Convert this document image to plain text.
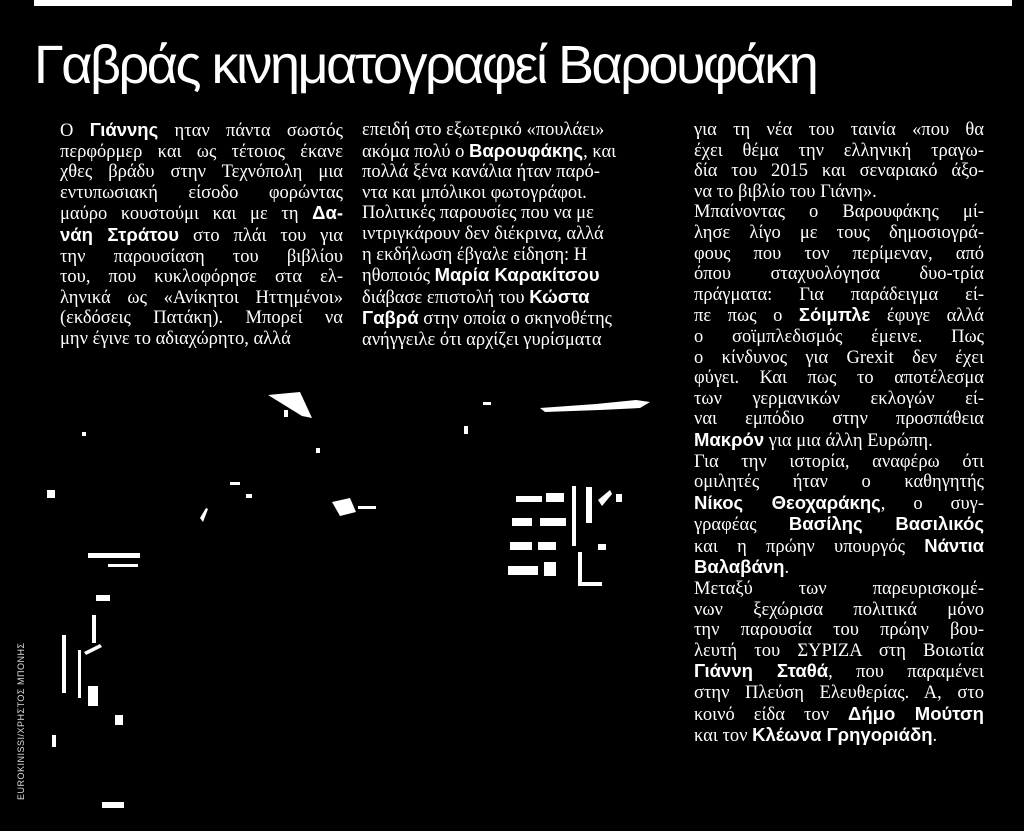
Γαβράς κινηματογραφεί Βαρουφάκη
Ο Γιάννης ηταν πάντα σωστός
περφόρμερ και ως τέτοιος έκανε
χθες βράδυ στην Τεχνόπολη μια
εντυπωσιακή είσοδο φορώντας
μαύρο κουστούμι και με τη Δα-
νάη Στράτου στο πλάι του για
την παρουσίαση του βιβλίου
του, που κυκλοφόρησε στα ελ-
ληνικά ως «Ανίκητοι Ηττημένοι»
(εκδόσεις Πατάκη). Μπορεί να
μην έγινε το αδιαχώρητο, αλλά
επειδή στο εξωτερικό «πουλάει»
ακόμα πολύ ο Βαρουφάκης, και
πολλά ξένα κανάλια ήταν παρό-
ντα και μπόλικοι φωτογράφοι.
Πολιτικές παρουσίες που να με
ιντριγκάρουν δεν διέκρινα, αλλά
η εκδήλωση έβγαλε είδηση: Η
ηθοποιός Μαρία Καρακίτσου
διάβασε επιστολή του Κώστα
Γαβρά στην οποία ο σκηνοθέτης
ανήγγειλε ότι αρχίζει γυρίσματα
για τη νέα του ταινία «που θα
έχει θέμα την ελληνική τραγω-
δία του 2015 και σεναριακό άξο-
να το βιβλίο του Γιάνη».
Μπαίνοντας ο Βαρουφάκης μί-
λησε λίγο με τους δημοσιογρά-
φους που τον περίμεναν, από
όπου σταχυολόγησα δυο-τρία
πράγματα: Για παράδειγμα εί-
πε πως ο Σόιμπλε έφυγε αλλά
ο σοϊμπλεδισμός έμεινε. Πως
ο κίνδυνος για Grexit δεν έχει
φύγει. Και πως το αποτέλεσμα
των γερμανικών εκλογών εί-
ναι εμπόδιο στην προσπάθεια
Μακρόν για μια άλλη Ευρώπη.
Για την ιστορία, αναφέρω ότι
ομιλητές ήταν ο καθηγητής
Νίκος Θεοχαράκης, ο συγ-
γραφέας Βασίλης Βασιλικός
και η πρώην υπουργός Νάντια
Βαλαβάνη.
Μεταξύ των παρευρισκομέ-
νων ξεχώρισα πολιτικά μόνο
την παρουσία του πρώην βου-
λευτή του ΣΥΡΙΖΑ στη Βοιωτία
Γιάννη Σταθά, που παραμένει
στην Πλεύση Ελευθερίας. Α, στο
κοινό είδα τον Δήμο Μούτση
και τον Κλέωνα Γρηγοριάδη.
EUROKINISSI/ΧΡΗΣΤΟΣ ΜΠΟΝΗΣ
